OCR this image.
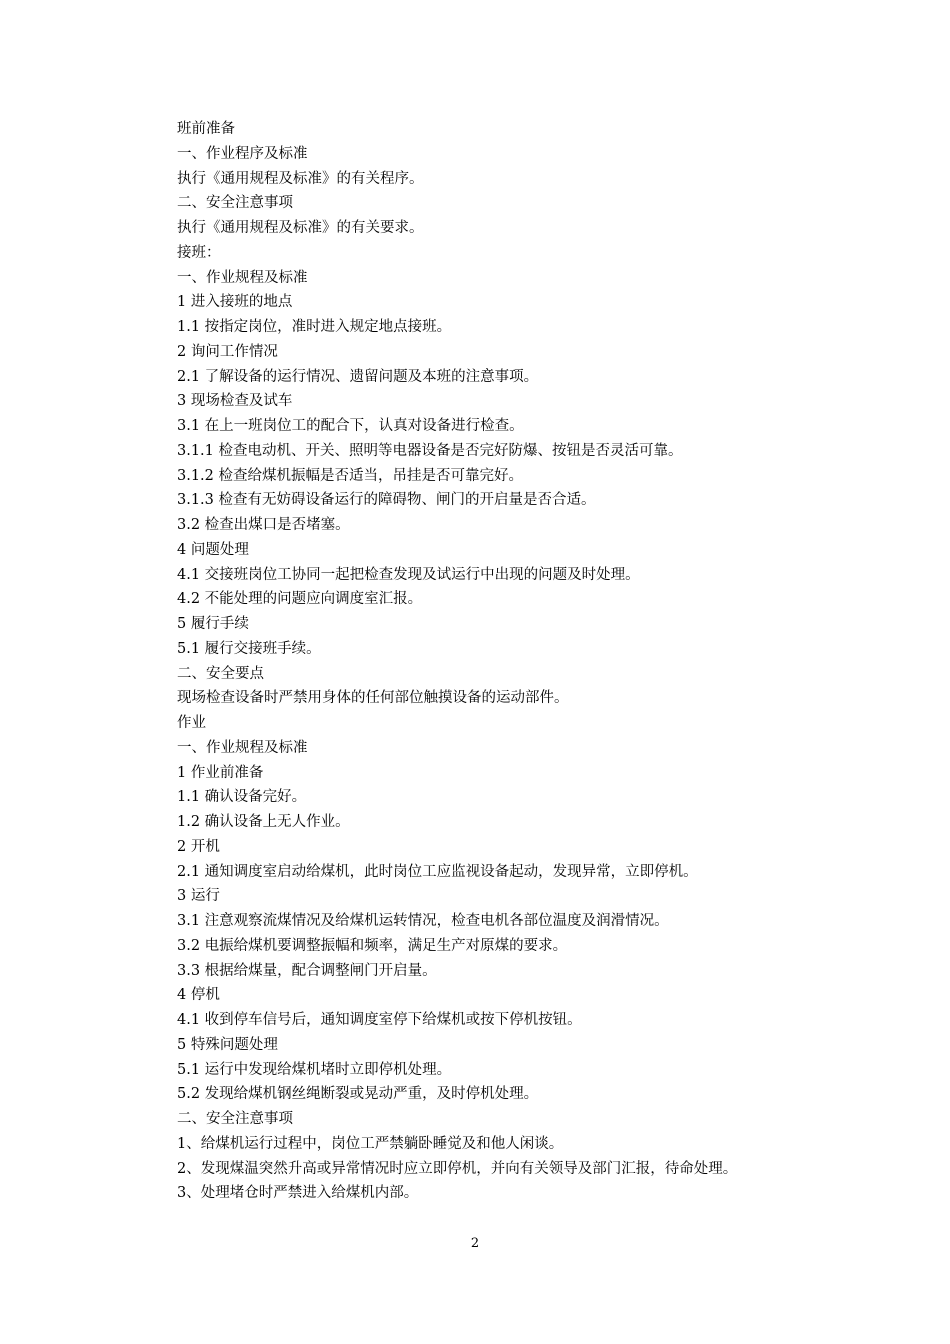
班前准备
一、作业程序及标准
执行《通用规程及标准》的有关程序。
二、安全注意事项
执行《通用规程及标准》的有关要求。
接班：
一、作业规程及标准
1 进入接班的地点
1.1 按指定岗位，准时进入规定地点接班。
2 询问工作情况
2.1 了解设备的运行情况、遗留问题及本班的注意事项。
3 现场检查及试车
3.1 在上一班岗位工的配合下，认真对设备进行检查。
3.1.1 检查电动机、开关、照明等电器设备是否完好防爆、按钮是否灵活可靠。
3.1.2 检查给煤机振幅是否适当，吊挂是否可靠完好。
3.1.3 检查有无妨碍设备运行的障碍物、闸门的开启量是否合适。
3.2 检查出煤口是否堵塞。
4 问题处理
4.1 交接班岗位工协同一起把检查发现及试运行中出现的问题及时处理。
4.2 不能处理的问题应向调度室汇报。
5 履行手续
5.1 履行交接班手续。
二、安全要点
现场检查设备时严禁用身体的任何部位触摸设备的运动部件。
作业
一、作业规程及标准
1 作业前准备
1.1 确认设备完好。
1.2 确认设备上无人作业。
2 开机
2.1 通知调度室启动给煤机，此时岗位工应监视设备起动，发现异常，立即停机。
3 运行
3.1 注意观察流煤情况及给煤机运转情况，检查电机各部位温度及润滑情况。
3.2 电振给煤机要调整振幅和频率，满足生产对原煤的要求。
3.3 根据给煤量，配合调整闸门开启量。
4 停机
4.1 收到停车信号后，通知调度室停下给煤机或按下停机按钮。
5 特殊问题处理
5.1 运行中发现给煤机堵时立即停机处理。
5.2 发现给煤机钢丝绳断裂或晃动严重，及时停机处理。
二、安全注意事项
1、给煤机运行过程中，岗位工严禁躺卧睡觉及和他人闲谈。
2、发现煤温突然升高或异常情况时应立即停机，并向有关领导及部门汇报，待命处理。
3、处理堵仓时严禁进入给煤机内部。
2
